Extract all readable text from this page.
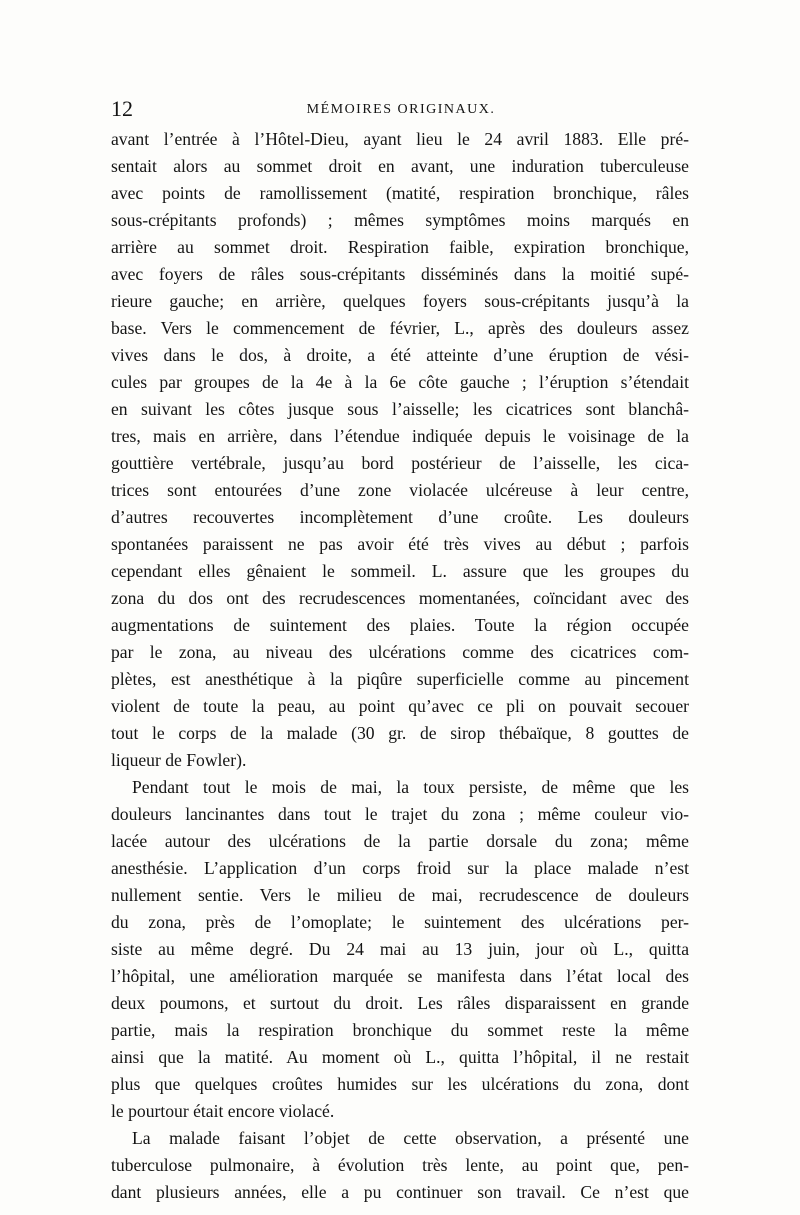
12	MÉMOIRES ORIGINAUX.
avant l’entrée à l’Hôtel-Dieu, ayant lieu le 24 avril 1883. Elle pré-
sentait alors au sommet droit en avant, une induration tuberculeuse
avec points de ramollissement (matité, respiration bronchique, râles
sous-crépitants profonds) ; mêmes symptômes moins marqués en
arrière au sommet droit. Respiration faible, expiration bronchique,
avec foyers de râles sous-crépitants disséminés dans la moitié supé-
rieure gauche; en arrière, quelques foyers sous-crépitants jusqu’à la
base. Vers le commencement de février, L., après des douleurs assez
vives dans le dos, à droite, a été atteinte d’une éruption de vési-
cules par groupes de la 4e à la 6e côte gauche ; l’éruption s’étendait
en suivant les côtes jusque sous l’aisselle; les cicatrices sont blanchâ-
tres, mais en arrière, dans l’étendue indiquée depuis le voisinage de la
gouttière vertébrale, jusqu’au bord postérieur de l’aisselle, les cica-
trices sont entourées d’une zone violacée ulcéreuse à leur centre,
d’autres recouvertes incomplètement d’une croûte. Les douleurs
spontanées paraissent ne pas avoir été très vives au début ; parfois
cependant elles gênaient le sommeil. L. assure que les groupes du
zona du dos ont des recrudescences momentanées, coïncidant avec des
augmentations de suintement des plaies. Toute la région occupée
par le zona, au niveau des ulcérations comme des cicatrices com-
plètes, est anesthétique à la piqûre superficielle comme au pincement
violent de toute la peau, au point qu’avec ce pli on pouvait secouer
tout le corps de la malade (30 gr. de sirop thébaïque, 8 gouttes de
liqueur de Fowler).
Pendant tout le mois de mai, la toux persiste, de même que les
douleurs lancinantes dans tout le trajet du zona ; même couleur vio-
lacée autour des ulcérations de la partie dorsale du zona; même
anesthésie. L’application d’un corps froid sur la place malade n’est
nullement sentie. Vers le milieu de mai, recrudescence de douleurs
du zona, près de l’omoplate; le suintement des ulcérations per-
siste au même degré. Du 24 mai au 13 juin, jour où L., quitta
l’hôpital, une amélioration marquée se manifesta dans l’état local des
deux poumons, et surtout du droit. Les râles disparaissent en grande
partie, mais la respiration bronchique du sommet reste la même
ainsi que la matité. Au moment où L., quitta l’hôpital, il ne restait
plus que quelques croûtes humides sur les ulcérations du zona, dont
le pourtour était encore violacé.
La malade faisant l’objet de cette observation, a présenté une
tuberculose pulmonaire, à évolution très lente, au point que, pen-
dant plusieurs années, elle a pu continuer son travail. Ce n’est que
